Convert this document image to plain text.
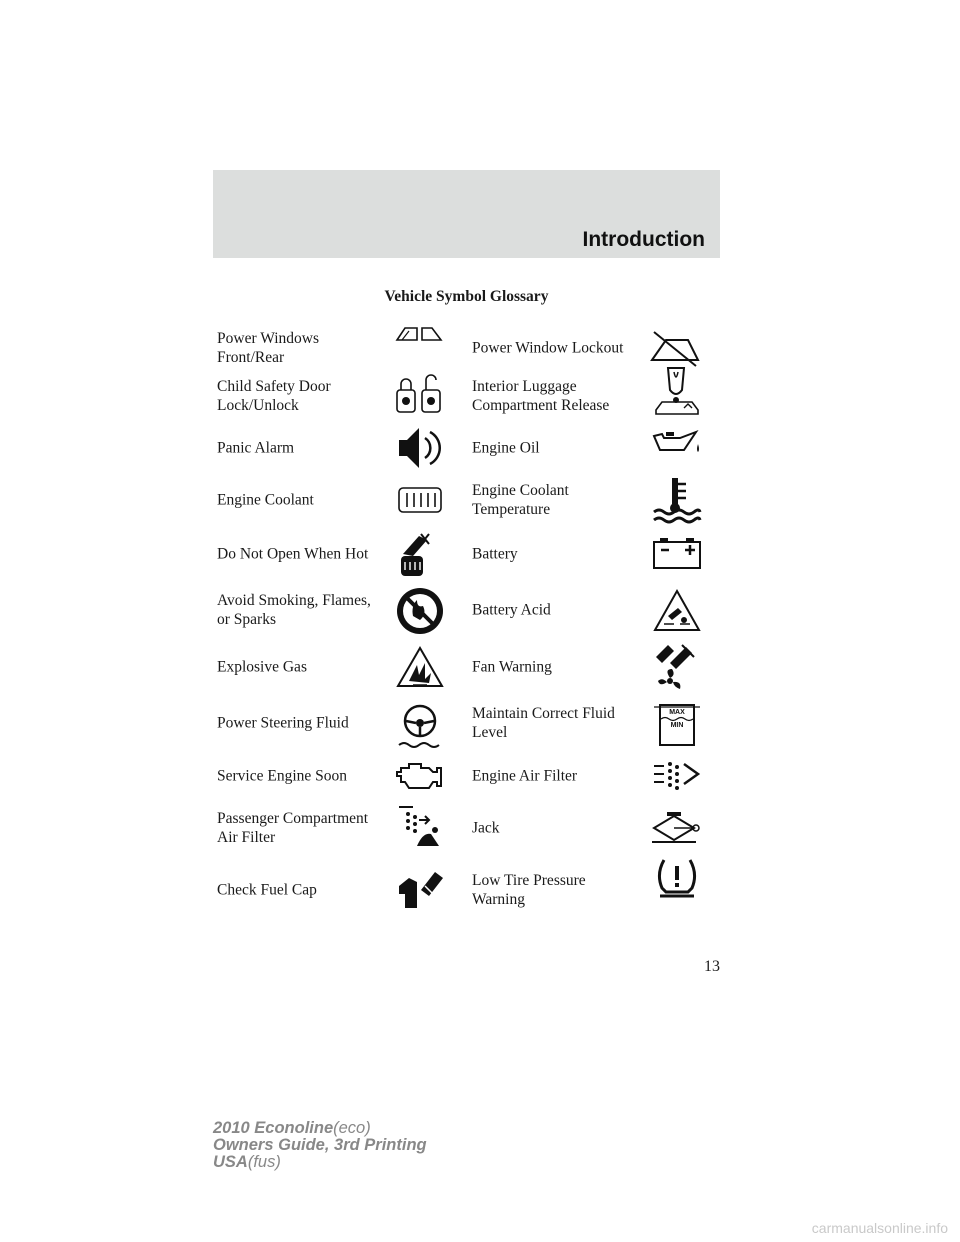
Introduction
Vehicle Symbol Glossary
Power Windows
Front/Rear
Child Safety Door
Lock/Unlock
Panic Alarm
Engine Coolant
Do Not Open When Hot
Avoid Smoking, Flames,
or Sparks
Explosive Gas
Power Steering Fluid
Service Engine Soon
Passenger Compartment
Air Filter
Check Fuel Cap
Power Window Lockout
Interior Luggage
Compartment Release
Engine Oil
Engine Coolant
Temperature
Battery
Battery Acid
Fan Warning
Maintain Correct Fluid
Level
MAX
MIN
Engine Air Filter
Jack
Low Tire Pressure
Warning
13
2010 Econoline(eco)
Owners Guide, 3rd Printing
USA(fus)
carmanualsonline.info
